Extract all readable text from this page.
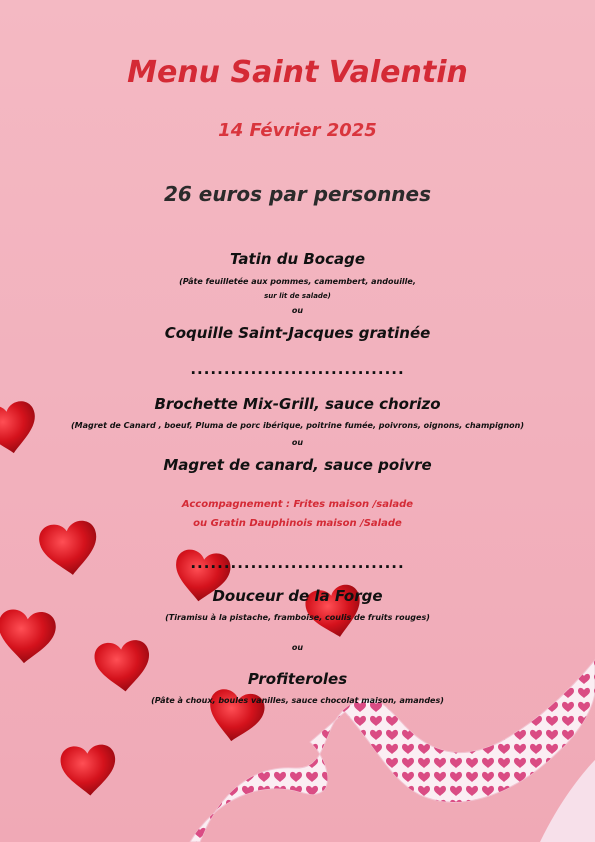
Menu Saint Valentin
14 Février 2025
26 euros par personnes
Tatin du Bocage
(Pâte feuilletée aux pommes, camembert, andouille,
sur lit de salade)
ou
Coquille Saint-Jacques gratinée
................................
Brochette Mix-Grill, sauce chorizo
(Magret de Canard , boeuf, Pluma de porc ibérique, poitrine fumée, poivrons, oignons, champignon)
ou
Magret de canard, sauce poivre
Accompagnement : Frites maison /salade
ou Gratin Dauphinois maison /Salade
................................
Douceur de la Forge
(Tiramisu à la pistache, framboise, coulis de fruits rouges)
ou
Profiteroles
(Pâte à choux, boules vanilles, sauce chocolat maison, amandes)
